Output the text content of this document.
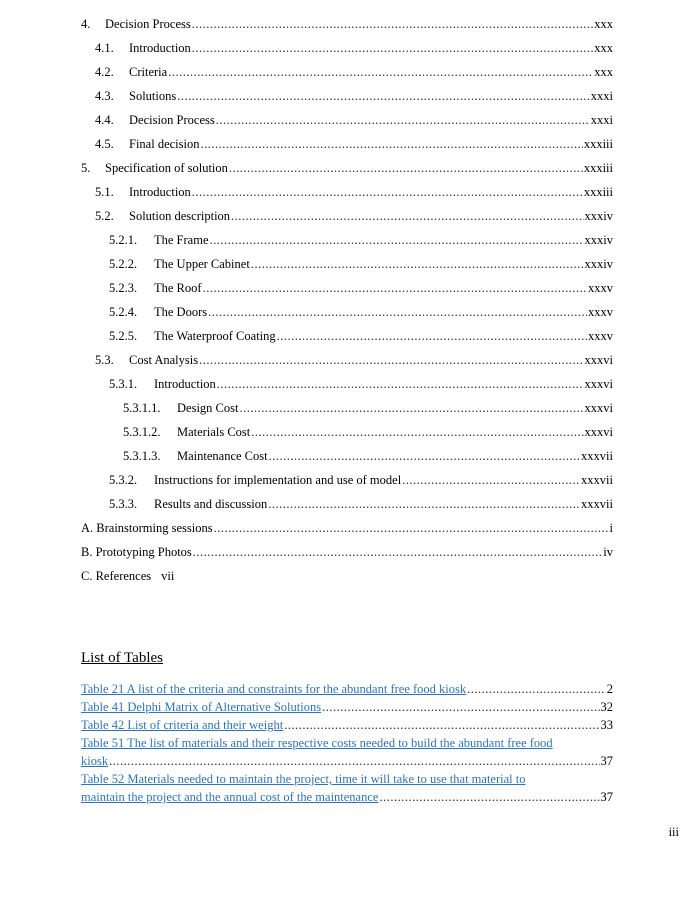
4. Decision Process .....	xxx
4.1. Introduction .....	xxx
4.2. Criteria .....	xxx
4.3. Solutions .....	xxxi
4.4. Decision Process .....	xxxi
4.5. Final decision .....	xxxiii
5. Specification of solution .....	xxxiii
5.1. Introduction .....	xxxiii
5.2. Solution description .....	xxxiv
5.2.1. The Frame .....	xxxiv
5.2.2. The Upper Cabinet .....	xxxiv
5.2.3. The Roof .....	xxxv
5.2.4. The Doors .....	xxxv
5.2.5. The Waterproof Coating .....	xxxv
5.3. Cost Analysis .....	xxxvi
5.3.1. Introduction .....	xxxvi
5.3.1.1. Design Cost .....	xxxvi
5.3.1.2. Materials Cost .....	xxxvi
5.3.1.3. Maintenance Cost .....	xxxvii
5.3.2. Instructions for implementation and use of model .....	xxxvii
5.3.3. Results and discussion .....	xxxvii
A. Brainstorming sessions .....	i
B. Prototyping Photos .....	iv
C. References vii
List of Tables
Table 21 A list of the criteria and constraints for the abundant free food kiosk .....	2
Table 41 Delphi Matrix of Alternative Solutions .....	32
Table 42 List of criteria and their weight .....	33
Table 51 The list of materials and their respective costs needed to build the abundant free food
kiosk .....	37
Table 52 Materials needed to maintain the project, time it will take to use that material to
maintain the project and the annual cost of the maintenance .....	37
iii
